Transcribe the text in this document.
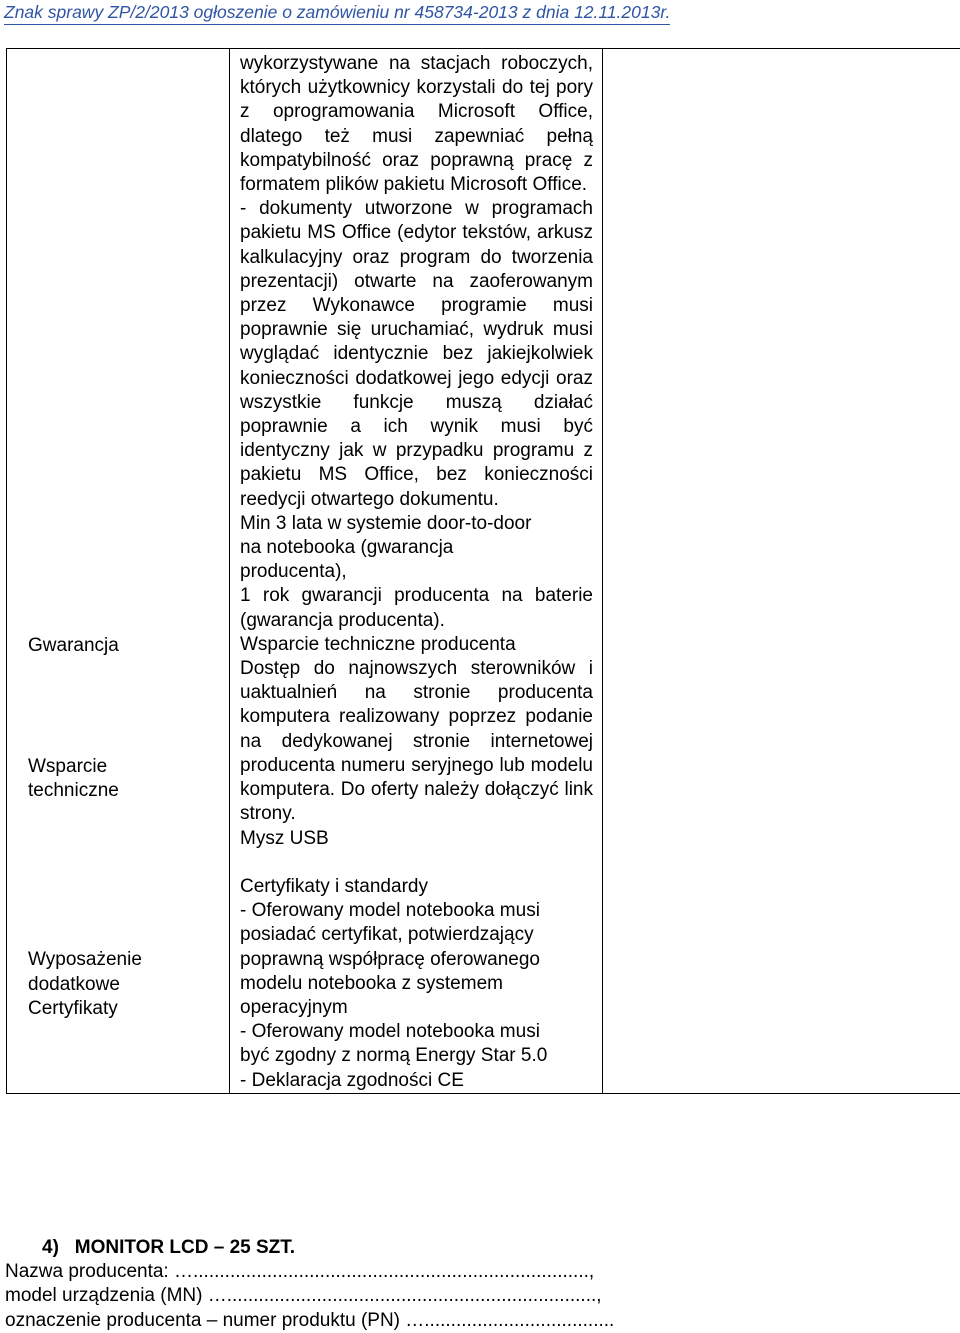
Znak sprawy ZP/2/2013 ogłoszenie o zamówieniu nr 458734-2013 z dnia 12.11.2013r.
Gwarancja
Wsparcie
techniczne
Wyposażenie
dodatkowe
Certyfikaty

wykorzystywane na stacjach roboczych, których użytkownicy korzystali do tej pory z oprogramowania Microsoft Office, dlatego też musi zapewniać pełną kompatybilność oraz poprawną pracę z formatem plików pakietu Microsoft Office.
- dokumenty utworzone w programach pakietu MS Office (edytor tekstów, arkusz kalkulacyjny oraz program do tworzenia prezentacji) otwarte na zaoferowanym przez Wykonawce programie musi poprawnie się uruchamiać, wydruk musi wyglądać identycznie bez jakiejkolwiek konieczności dodatkowej jego edycji oraz wszystkie funkcje muszą działać poprawnie a ich wynik musi być identyczny jak w przypadku programu z pakietu MS Office, bez konieczności reedycji otwartego dokumentu.
Min 3 lata w systemie door-to-door
na notebooka (gwarancja
producenta),
1 rok gwarancji producenta na baterie (gwarancja producenta).
Wsparcie techniczne producenta
Dostęp do najnowszych sterowników i uaktualnień na stronie producenta komputera realizowany poprzez podanie na dedykowanej stronie internetowej producenta numeru seryjnego lub modelu komputera. Do oferty należy dołączyć link strony.
Mysz USB
Certyfikaty i standardy
- Oferowany model notebooka musi
posiadać certyfikat, potwierdzający
poprawną współpracę oferowanego
modelu notebooka z systemem
operacyjnym
- Oferowany model notebooka musi
być zgodny z normą Energy Star 5.0
- Deklaracja zgodności CE

4) MONITOR LCD – 25 SZT.
Nazwa producenta: …...........................................................................,
model urządzenia (MN) …......................................................................,
oznaczenie producenta – numer produktu (PN) …....................................
